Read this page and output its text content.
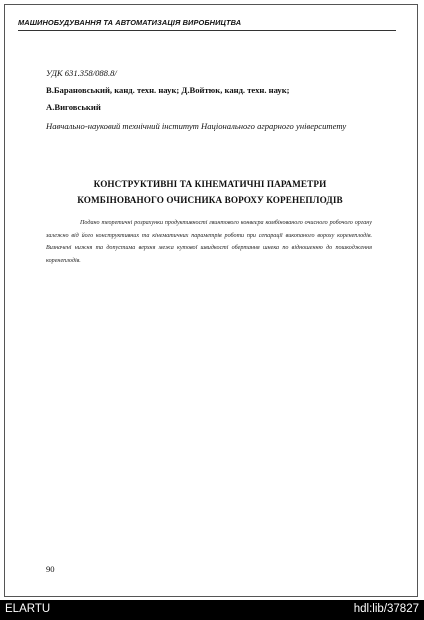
МАШИНОБУДУВАННЯ ТА АВТОМАТИЗАЦІЯ ВИРОБНИЦТВА
УДК 631.358/088.8/
В.Барановський, канд. техн. наук; Д.Войтюк, канд. техн. наук;
А.Виговський
Навчально-науковий технічний інститут Національного аграрного університету
КОНСТРУКТИВНІ ТА КІНЕМАТИЧНІ ПАРАМЕТРИ
КОМБІНОВАНОГО ОЧИСНИКА ВОРОХУ КОРЕНЕПЛОДІВ
Подано теоретичні розрахунки продуктивності гвинтового конвеєра комбінованого очисного робочого органу залежно від його конструктивних та кінематичних параметрів роботи при сепарації викопаного вороху коренеплодів. Визначені нижня та допустима верхня межа кутової швидкості обертання шнека по відношенню до пошкодження коренеплодів.
90
ELARTU	hdl:lib/37827
